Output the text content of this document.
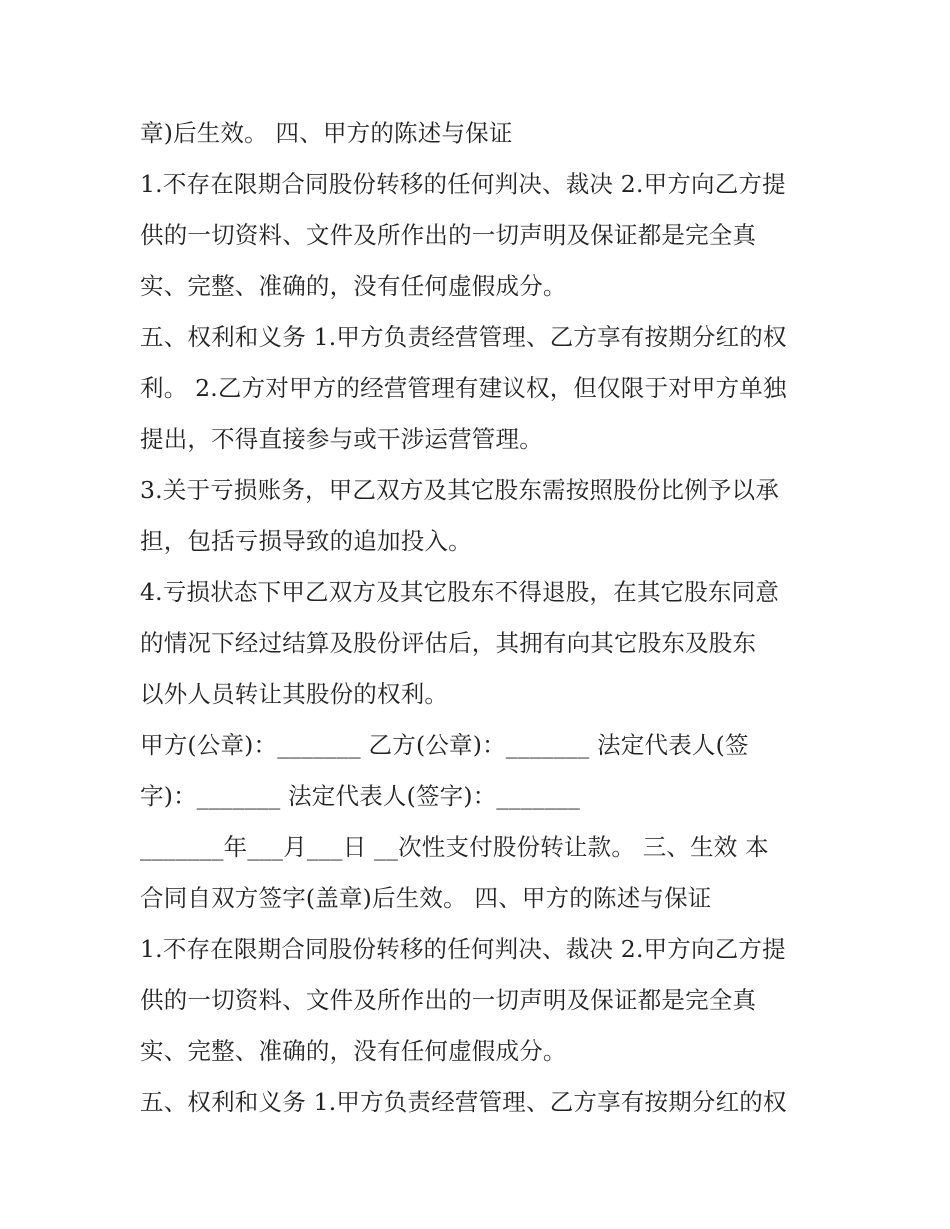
章)后生效。 四、甲方的陈述与保证
1.不存在限期合同股份转移的任何判决、裁决 2.甲方向乙方提
供的一切资料、文件及所作出的一切声明及保证都是完全真
实、完整、准确的，没有任何虚假成分。
五、权利和义务 1.甲方负责经营管理、乙方享有按期分红的权
利。 2.乙方对甲方的经营管理有建议权，但仅限于对甲方单独
提出，不得直接参与或干涉运营管理。
3.关于亏损账务，甲乙双方及其它股东需按照股份比例予以承
担，包括亏损导致的追加投入。
4.亏损状态下甲乙双方及其它股东不得退股，在其它股东同意
的情况下经过结算及股份评估后，其拥有向其它股东及股东
以外人员转让其股份的权利。
甲方(公章)：_______ 乙方(公章)：_______ 法定代表人(签
字)：_______ 法定代表人(签字)：_______
_______年___月___日 __次性支付股份转让款。 三、生效 本
合同自双方签字(盖章)后生效。 四、甲方的陈述与保证
1.不存在限期合同股份转移的任何判决、裁决 2.甲方向乙方提
供的一切资料、文件及所作出的一切声明及保证都是完全真
实、完整、准确的，没有任何虚假成分。
五、权利和义务 1.甲方负责经营管理、乙方享有按期分红的权
